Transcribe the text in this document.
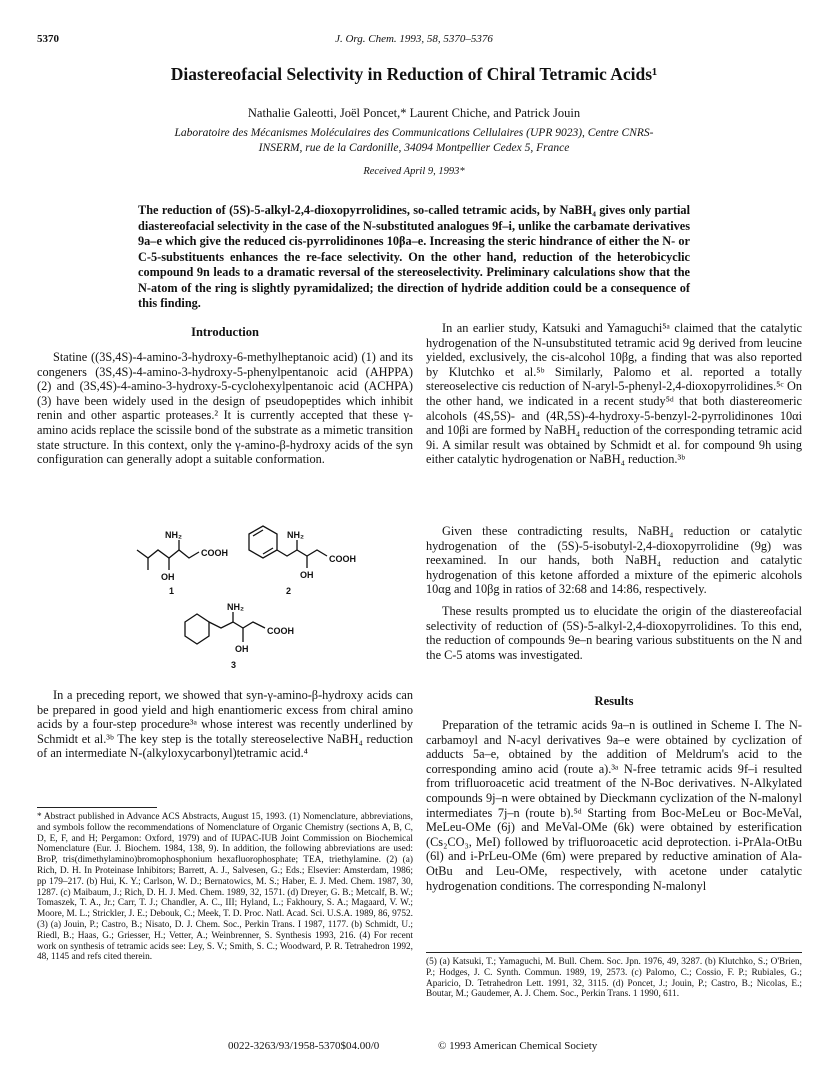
5370	J. Org. Chem. 1993, 58, 5370–5376
Diastereofacial Selectivity in Reduction of Chiral Tetramic Acids¹
Nathalie Galeotti, Joël Poncet,* Laurent Chiche, and Patrick Jouin
Laboratoire des Mécanismes Moléculaires des Communications Cellulaires (UPR 9023), Centre CNRS-INSERM, rue de la Cardonille, 34094 Montpellier Cedex 5, France
Received April 9, 1993*
The reduction of (5S)-5-alkyl-2,4-dioxopyrrolidines, so-called tetramic acids, by NaBH₄ gives only partial diastereofacial selectivity in the case of the N-substituted analogues 9f–i, unlike the carbamate derivatives 9a–e which give the reduced cis-pyrrolidinones 10βa–e. Increasing the steric hindrance of either the N- or C-5-substituents enhances the re-face selectivity. On the other hand, reduction of the heterobicyclic compound 9n leads to a dramatic reversal of the stereoselectivity. Preliminary calculations show that the N-atom of the ring is slightly pyramidalized; the direction of hydride addition could be a consequence of this finding.
Introduction
Statine ((3S,4S)-4-amino-3-hydroxy-6-methylheptanoic acid) (1) and its congeners (3S,4S)-4-amino-3-hydroxy-5-phenylpentanoic acid (AHPPA) (2) and (3S,4S)-4-amino-3-hydroxy-5-cyclohexylpentanoic acid (ACHPA) (3) have been widely used in the design of pseudopeptides which inhibit renin and other aspartic proteases.² It is currently accepted that these γ-amino acids replace the scissile bond of the substrate as a mimetic transition state structure. In this context, only the γ-amino-β-hydroxy acids of the syn configuration can generally adopt a suitable conformation.
NH₂
COOH
OH
1
NH₂
COOH
OH
2
NH₂
COOH
OH
3
In a preceding report, we showed that syn-γ-amino-β-hydroxy acids can be prepared in good yield and high enantiomeric excess from chiral amino acids by a four-step procedure³ᵃ whose interest was recently underlined by Schmidt et al.³ᵇ The key step is the totally stereoselective NaBH₄ reduction of an intermediate N-(alkyloxycarbonyl)tetramic acid.⁴
* Abstract published in Advance ACS Abstracts, August 15, 1993. (1) Nomenclature, abbreviations, and symbols follow the recommendations of Nomenclature of Organic Chemistry (sections A, B, C, D, E, F, and H; Pergamon: Oxford, 1979) and of IUPAC-IUB Joint Commission on Biochemical Nomenclature (Eur. J. Biochem. 1984, 138, 9). In addition, the following abbreviations are used: BroP, tris(dimethylamino)bromophosphonium hexafluorophosphate; TEA, triethylamine. (2) (a) Rich, D. H. In Proteinase Inhibitors; Barrett, A. J., Salvesen, G.; Eds.; Elsevier: Amsterdam, 1986; pp 179–217. (b) Hui, K. Y.; Carlson, W. D.; Bernatowics, M. S.; Haber, E. J. Med. Chem. 1987, 30, 1287. (c) Maibaum, J.; Rich, D. H. J. Med. Chem. 1989, 32, 1571. (d) Dreyer, G. B.; Metcalf, B. W.; Tomaszek, T. A., Jr.; Carr, T. J.; Chandler, A. C., III; Hyland, L.; Fakhoury, S. A.; Magaard, V. W.; Moore, M. L.; Strickler, J. E.; Debouk, C.; Meek, T. D. Proc. Natl. Acad. Sci. U.S.A. 1989, 86, 9752. (3) (a) Jouin, P.; Castro, B.; Nisato, D. J. Chem. Soc., Perkin Trans. I 1987, 1177. (b) Schmidt, U.; Riedl, B.; Haas, G.; Griesser, H.; Vetter, A.; Weinbrenner, S. Synthesis 1993, 216. (4) For recent work on synthesis of tetramic acids see: Ley, S. V.; Smith, S. C.; Woodward, P. R. Tetrahedron 1992, 48, 1145 and refs cited therein.
In an earlier study, Katsuki and Yamaguchi⁵ᵃ claimed that the catalytic hydrogenation of the N-unsubstituted tetramic acid 9g derived from leucine yielded, exclusively, the cis-alcohol 10βg, a finding that was also reported by Klutchko et al.⁵ᵇ Similarly, Palomo et al. reported a totally stereoselective cis reduction of N-aryl-5-phenyl-2,4-dioxopyrrolidines.⁵ᶜ On the other hand, we indicated in a recent study⁵ᵈ that both diastereomeric alcohols (4S,5S)- and (4R,5S)-4-hydroxy-5-benzyl-2-pyrrolidinones 10αi and 10βi are formed by NaBH₄ reduction of the corresponding tetramic acid 9i. A similar result was obtained by Schmidt et al. for compound 9h using either catalytic hydrogenation or NaBH₄ reduction.³ᵇ
Given these contradicting results, NaBH₄ reduction or catalytic hydrogenation of the (5S)-5-isobutyl-2,4-dioxopyrrolidine (9g) was reexamined. In our hands, both NaBH₄ reduction and catalytic hydrogenation of this ketone afforded a mixture of the epimeric alcohols 10αg and 10βg in ratios of 32:68 and 14:86, respectively.
These results prompted us to elucidate the origin of the diastereofacial selectivity of reduction of (5S)-5-alkyl-2,4-dioxopyrrolidines. To this end, the reduction of compounds 9e–n bearing various substituents on the N and the C-5 atoms was investigated.
Results
Preparation of the tetramic acids 9a–n is outlined in Scheme I. The N-carbamoyl and N-acyl derivatives 9a–e were obtained by cyclization of adducts 5a–e, obtained by the addition of Meldrum's acid to the corresponding amino acid (route a).³ᵃ N-free tetramic acids 9f–i resulted from trifluoroacetic acid treatment of the N-Boc derivatives. N-Alkylated compounds 9j–n were obtained by Dieckmann cyclization of the N-malonyl intermediates 7j–n (route b).⁵ᵈ Starting from Boc-MeLeu or Boc-MeVal, MeLeu-OMe (6j) and MeVal-OMe (6k) were obtained by esterification (Cs₂CO₃, MeI) followed by trifluoroacetic acid deprotection. i-PrAla-OtBu (6l) and i-PrLeu-OMe (6m) were prepared by reductive amination of Ala-OtBu and Leu-OMe, respectively, with acetone under catalytic hydrogenation conditions. The corresponding N-malonyl
(5) (a) Katsuki, T.; Yamaguchi, M. Bull. Chem. Soc. Jpn. 1976, 49, 3287. (b) Klutchko, S.; O'Brien, P.; Hodges, J. C. Synth. Commun. 1989, 19, 2573. (c) Palomo, C.; Cossio, F. P.; Rubiales, G.; Aparicio, D. Tetrahedron Lett. 1991, 32, 3115. (d) Poncet, J.; Jouin, P.; Castro, B.; Nicolas, E.; Boutar, M.; Gaudemer, A. J. Chem. Soc., Perkin Trans. 1 1990, 611.
0022-3263/93/1958-5370$04.00/0	© 1993 American Chemical Society
